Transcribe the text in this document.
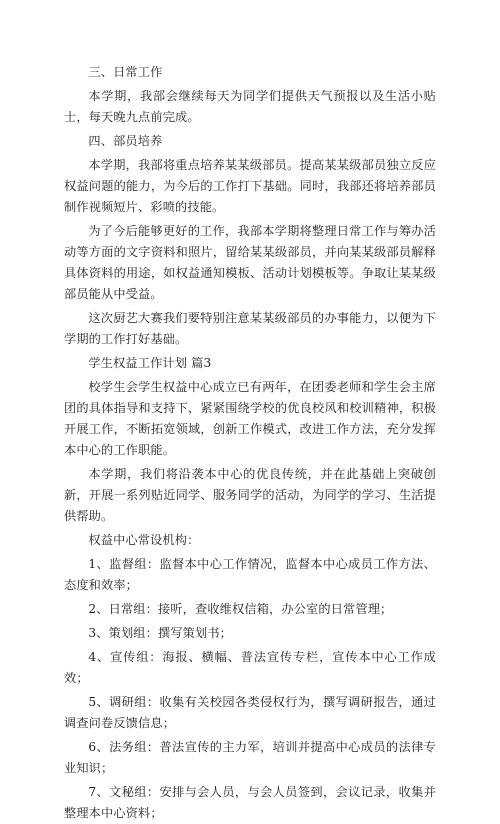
三、日常工作

本学期，我部会继续每天为同学们提供天气预报以及生活小贴士，每天晚九点前完成。

四、部员培养

本学期，我部将重点培养某某级部员。提高某某级部员独立反应权益问题的能力，为今后的工作打下基础。同时，我部还将培养部员制作视频短片、彩喷的技能。

为了今后能够更好的工作，我部本学期将整理日常工作与筹办活动等方面的文字资料和照片，留给某某级部员，并向某某级部员解释具体资料的用途，如权益通知模板、活动计划模板等。争取让某某级部员能从中受益。

这次厨艺大赛我们要特别注意某某级部员的办事能力，以便为下学期的工作打好基础。

学生权益工作计划 篇3

校学生会学生权益中心成立已有两年，在团委老师和学生会主席团的具体指导和支持下，紧紧围绕学校的优良校风和校训精神，积极开展工作，不断拓宽领域，创新工作模式，改进工作方法，充分发挥本中心的工作职能。

本学期，我们将沿袭本中心的优良传统，并在此基础上突破创新，开展一系列贴近同学、服务同学的活动，为同学的学习、生活提供帮助。

权益中心常设机构：

1、监督组：监督本中心工作情况，监督本中心成员工作方法、态度和效率；

2、日常组：接听，查收维权信箱，办公室的日常管理；

3、策划组：撰写策划书；

4、宣传组：海报、横幅、普法宣传专栏，宣传本中心工作成效；

5、调研组：收集有关校园各类侵权行为，撰写调研报告，通过调查问卷反馈信息；

6、法务组：普法宣传的主力军，培训并提高中心成员的法律专业知识；

7、文秘组：安排与会人员，与会人员签到，会议记录，收集并整理本中心资料；
